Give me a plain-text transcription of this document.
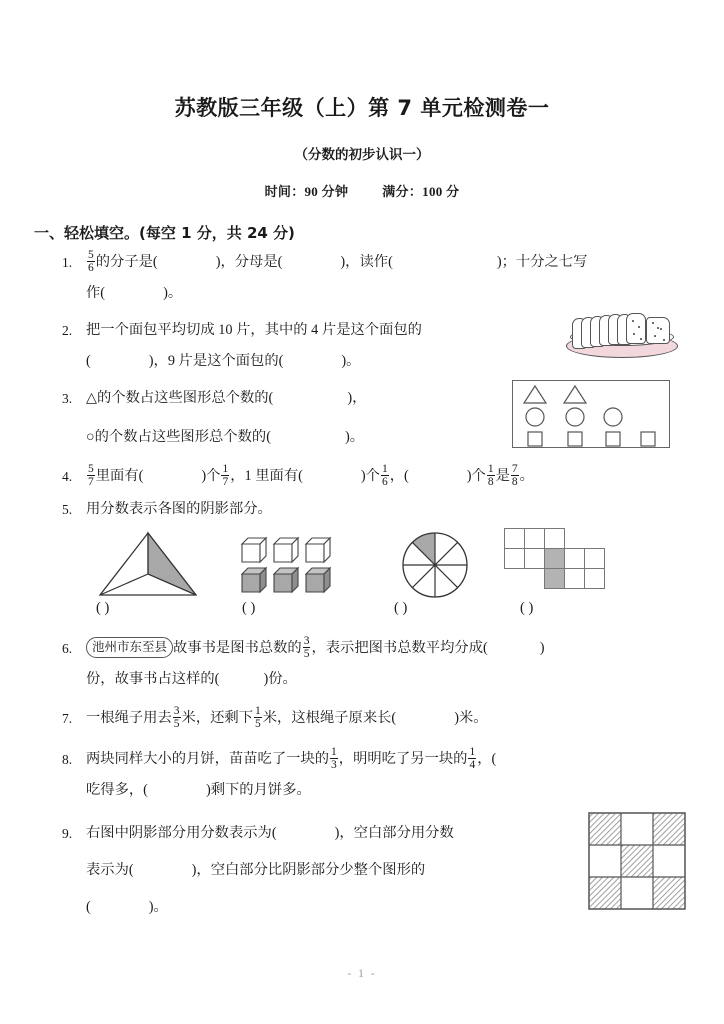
苏教版三年级（上）第 7 单元检测卷一
（分数的初步认识一）
时间：90 分钟	满分：100 分
一、轻松填空。(每空 1 分，共 24 分)
1. $\frac{5}{6}$ 的分子是(	)，分母是(	)，读作(	)；十分之七写
作(	)。
2. 把一个面包平均切成 10 片，其中的 4 片是这个面包的
(	)，9 片是这个面包的(	)。
3. △的个数占这些图形总个数的(	)，
○的个数占这些图形总个数的(	)。
4. $\frac{5}{7}$ 里面有(	)个 $\frac{1}{7}$ ，1 里面有(	)个 $\frac{1}{6}$ ，(	)个 $\frac{1}{8}$ 是 $\frac{7}{8}$ 。
5. 用分数表示各图的阴影部分。
( )	( )	( )	( )
6.	池州市东至县 故事书是图书总数的 $\frac{3}{5}$ ，表示把图书总数平均分成(	)
份，故事书占这样的(	)份。
7. 一根绳子用去 $\frac{3}{5}$ 米，还剩下 $\frac{1}{5}$ 米，这根绳子原来长(	)米。
8. 两块同样大小的月饼，苗苗吃了一块的 $\frac{1}{3}$ ，明明吃了另一块的 $\frac{1}{4}$ ，(
吃得多，(	)剩下的月饼多。
9. 右图中阴影部分用分数表示为(	)，空白部分用分数
表示为(	)，空白部分比阴影部分少整个图形的
(	)。
- 1 -
